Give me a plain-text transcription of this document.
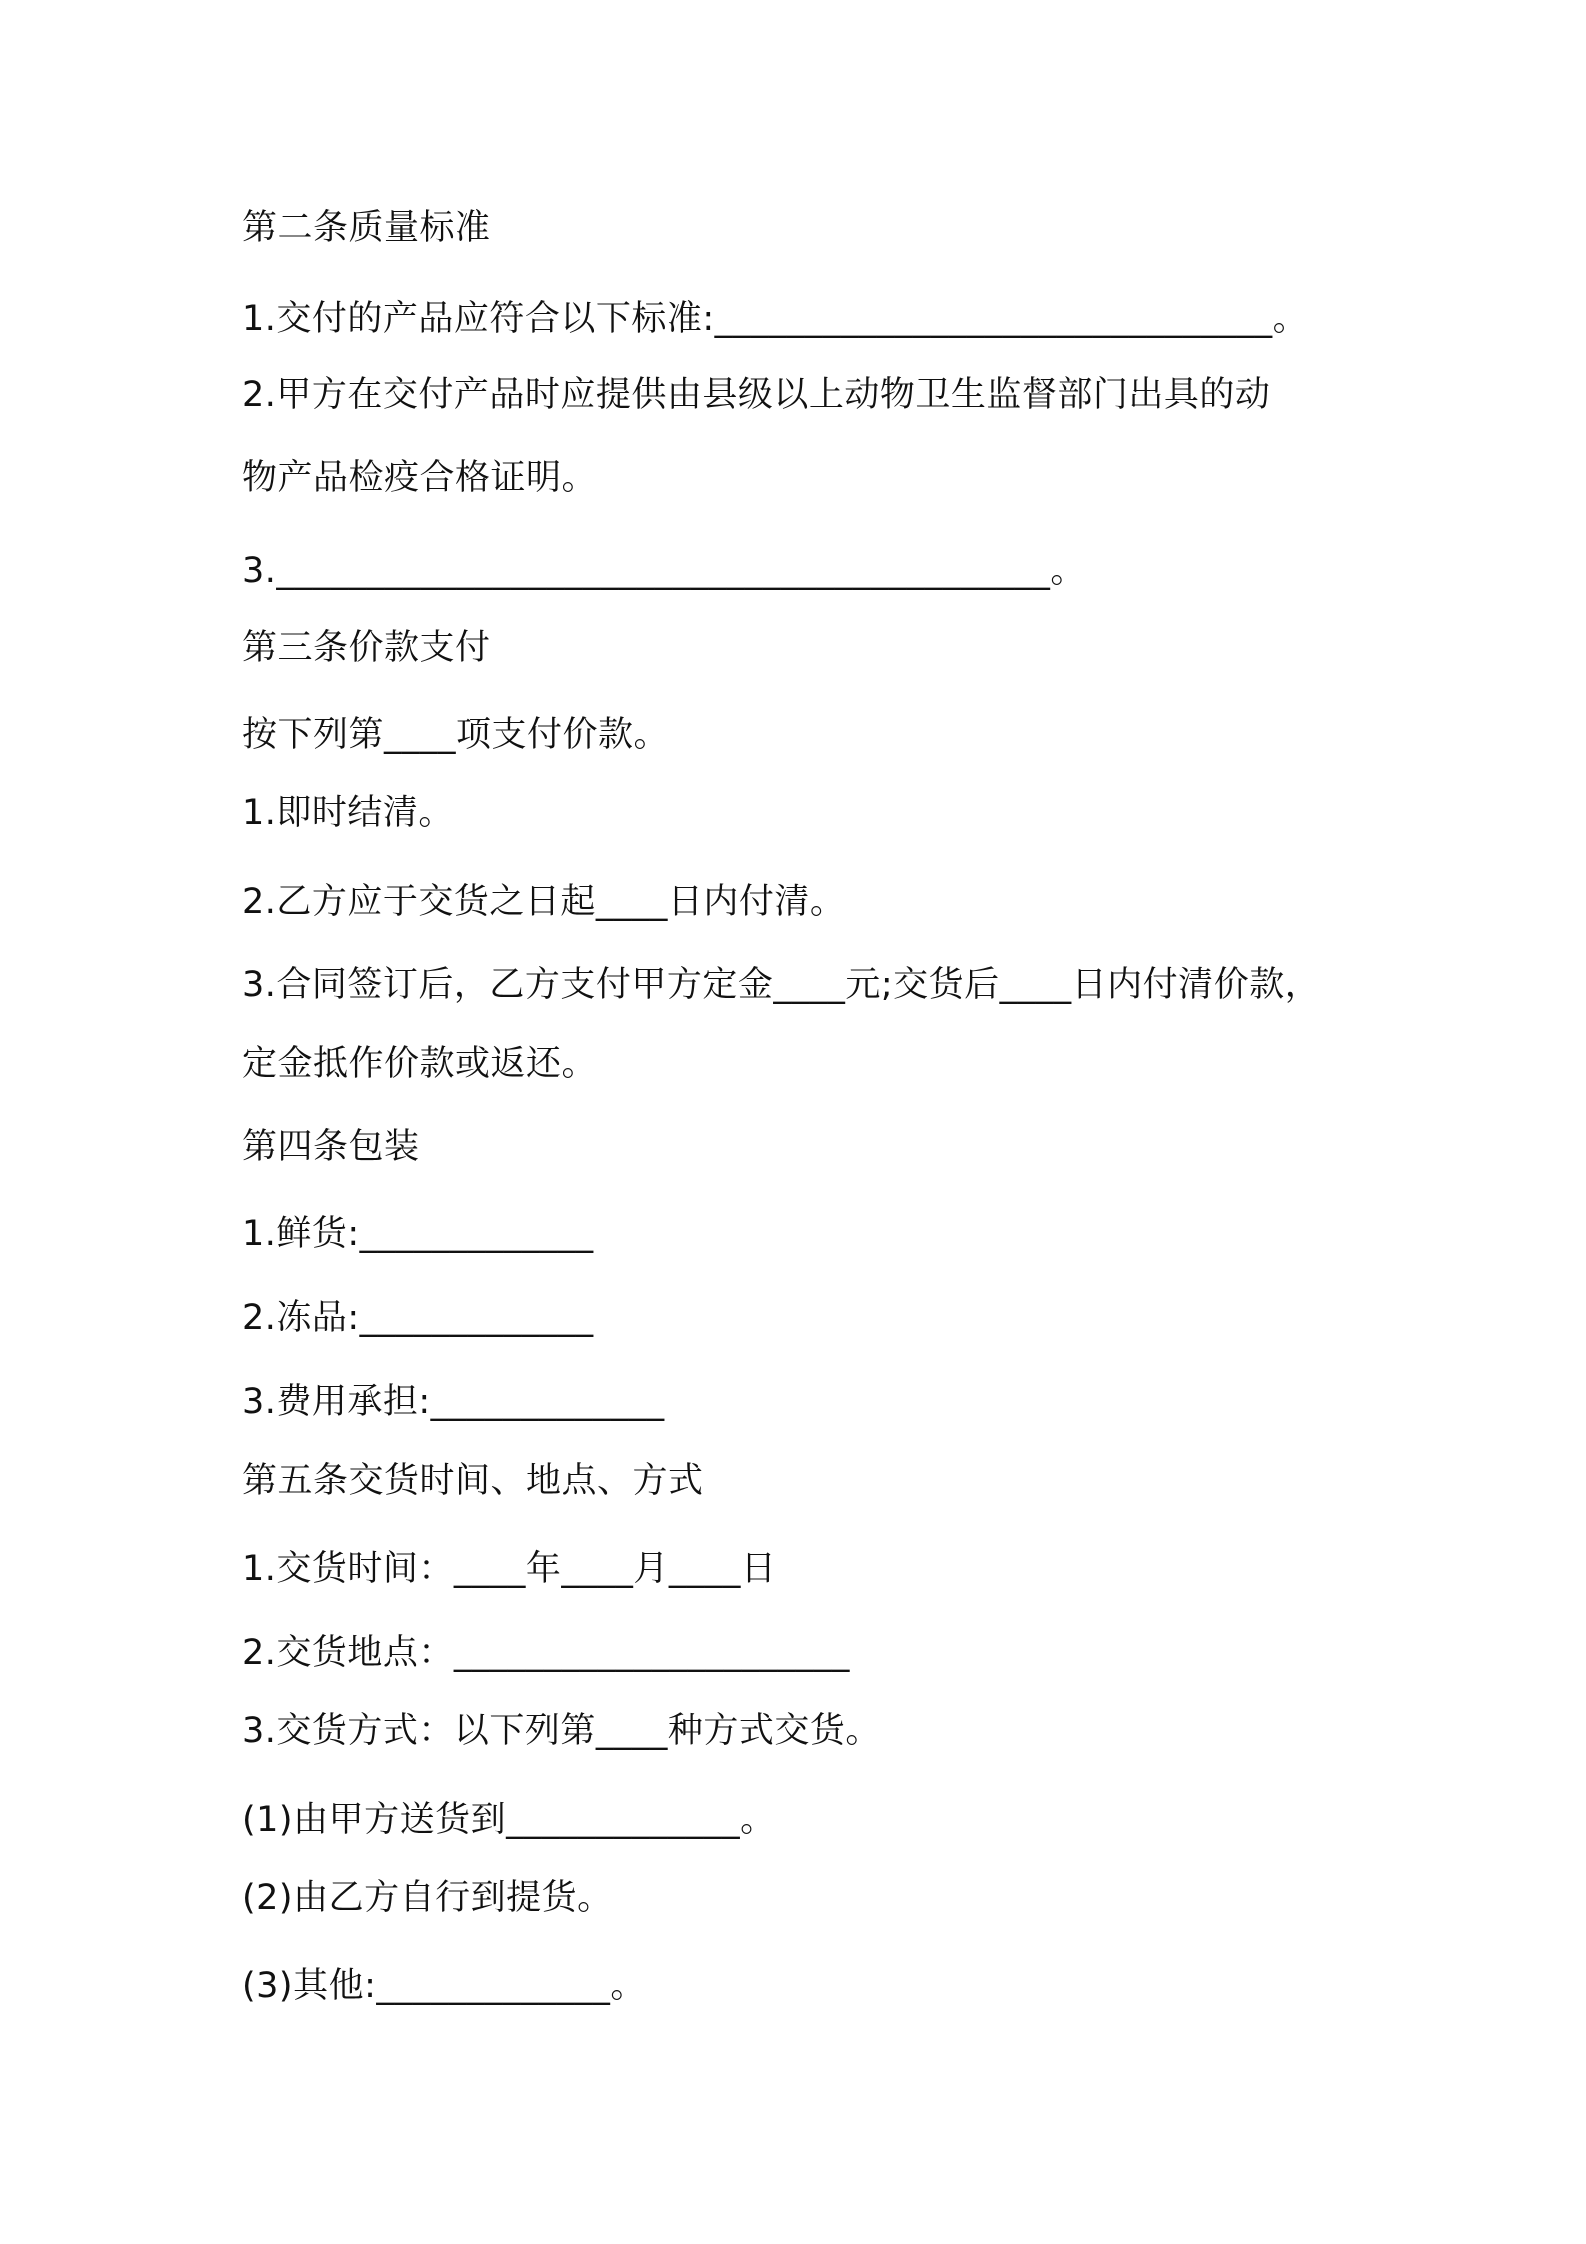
第二条质量标准
1.交付的产品应符合以下标准:_______________________________。
2.甲方在交付产品时应提供由县级以上动物卫生监督部门出具的动
物产品检疫合格证明。
3.___________________________________________。
第三条价款支付
按下列第____项支付价款。
1.即时结清。
2.乙方应于交货之日起____日内付清。
3.合同签订后，乙方支付甲方定金____元;交货后____日内付清价款，
定金抵作价款或返还。
第四条包装
1.鲜货:_____________
2.冻品:_____________
3.费用承担:_____________
第五条交货时间、地点、方式
1.交货时间：____年____月____日
2.交货地点：______________________
3.交货方式：以下列第____种方式交货。
(1)由甲方送货到_____________。
(2)由乙方自行到提货。
(3)其他:_____________。
